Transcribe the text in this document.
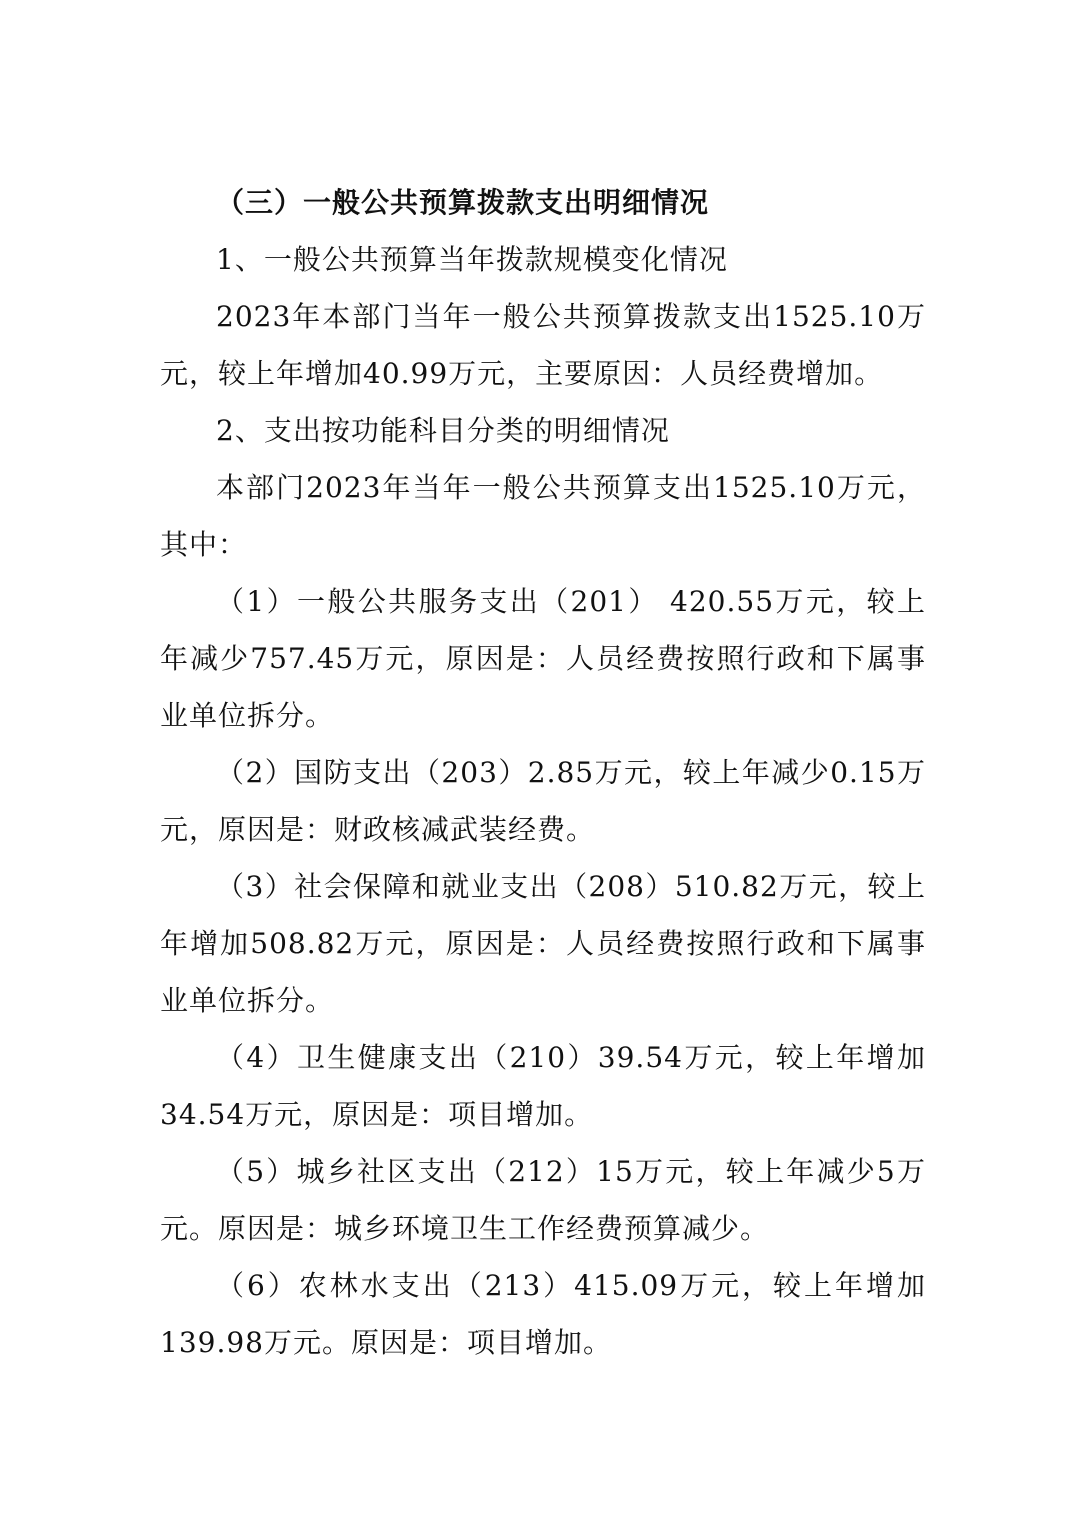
（三）一般公共预算拨款支出明细情况

1、一般公共预算当年拨款规模变化情况

2023年本部门当年一般公共预算拨款支出1525.10万元，较上年增加40.99万元，主要原因：人员经费增加。

2、支出按功能科目分类的明细情况

本部门2023年当年一般公共预算支出1525.10万元，其中：

（1）一般公共服务支出（201） 420.55万元，较上年减少757.45万元，原因是：人员经费按照行政和下属事业单位拆分。

（2）国防支出（203）2.85万元，较上年减少0.15万元，原因是：财政核减武装经费。

（3）社会保障和就业支出（208）510.82万元，较上年增加508.82万元，原因是：人员经费按照行政和下属事业单位拆分。

（4）卫生健康支出（210）39.54万元，较上年增加34.54万元，原因是：项目增加。

（5）城乡社区支出（212）15万元，较上年减少5万元。原因是：城乡环境卫生工作经费预算减少。

（6）农林水支出（213）415.09万元，较上年增加139.98万元。原因是：项目增加。
